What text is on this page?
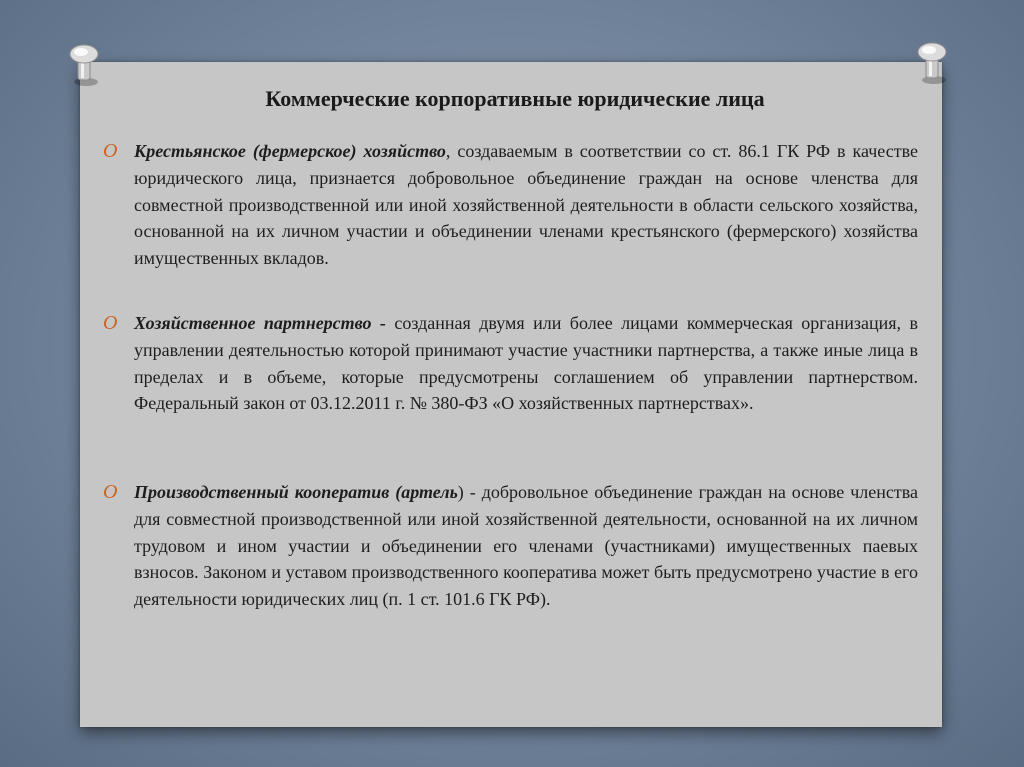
Коммерческие корпоративные юридические лица
O Крестьянское (фермерское) хозяйство, создаваемым в соответствии со ст. 86.1 ГК РФ в качестве юридического лица, признается добровольное объединение граждан на основе членства для совместной производственной или иной хозяйственной деятельности в области сельского хозяйства, основанной на их личном участии и объединении членами крестьянского (фермерского) хозяйства имущественных вкладов.
O Хозяйственное партнерство - созданная двумя или более лицами коммерческая организация, в управлении деятельностью которой принимают участие участники партнерства, а также иные лица в пределах и в объеме, которые предусмотрены соглашением об управлении партнерством. Федеральный закон от 03.12.2011 г. № 380-ФЗ «О хозяйственных партнерствах».
O Производственный кооператив (артель) - добровольное объединение граждан на основе членства для совместной производственной или иной хозяйственной деятельности, основанной на их личном трудовом и ином участии и объединении его членами (участниками) имущественных паевых взносов. Законом и уставом производственного кооператива может быть предусмотрено участие в его деятельности юридических лиц (п. 1 ст. 101.6 ГК РФ).
